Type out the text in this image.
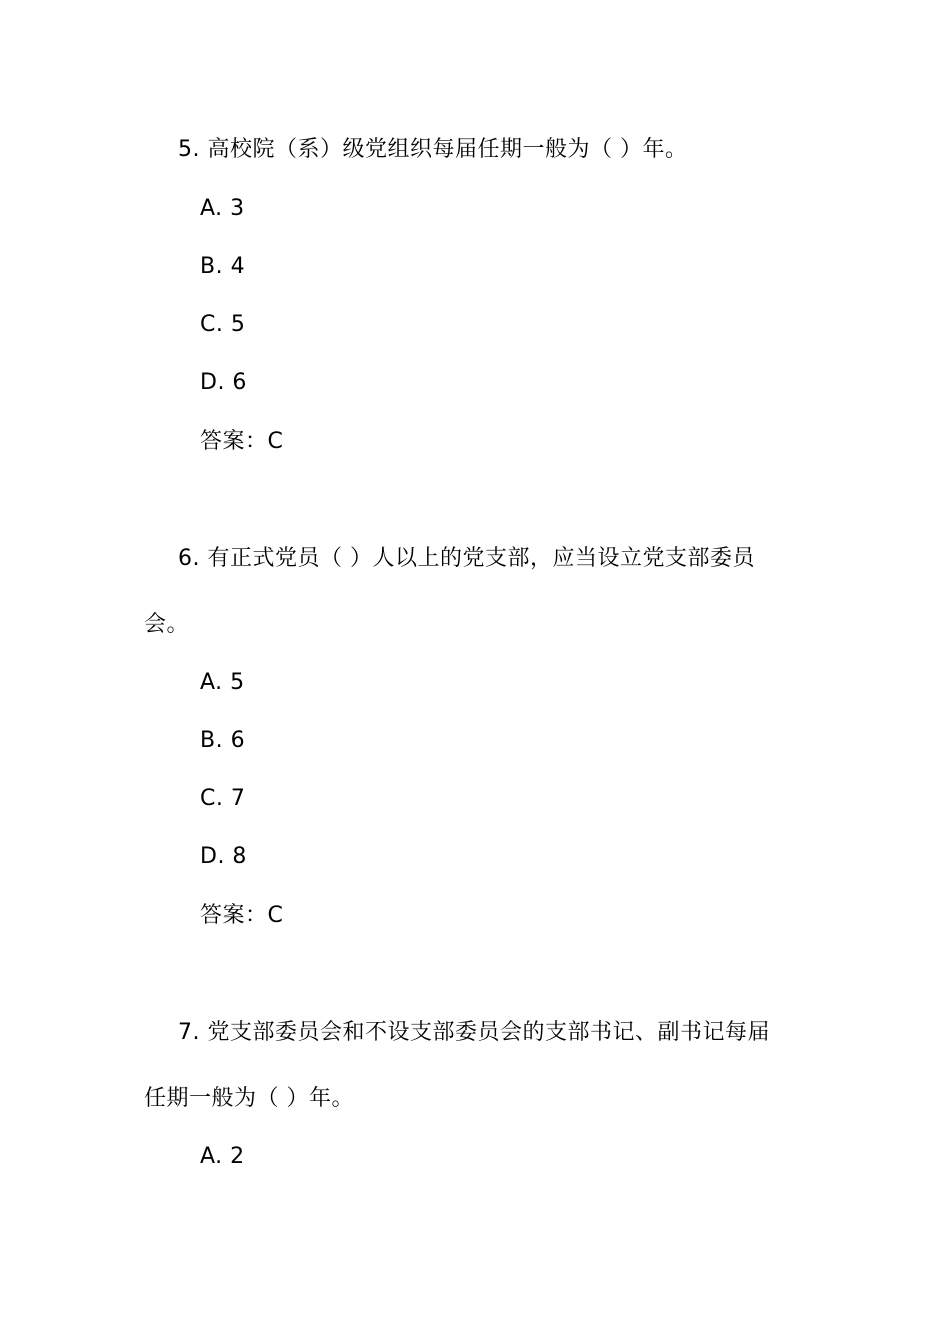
5. 高校院（系）级党组织每届任期一般为（ ）年。
A. 3
B. 4
C. 5
D. 6
答案：C
6. 有正式党员（ ）人以上的党支部，应当设立党支部委员
会。
A. 5
B. 6
C. 7
D. 8
答案：C
7. 党支部委员会和不设支部委员会的支部书记、副书记每届
任期一般为（ ）年。
A. 2
